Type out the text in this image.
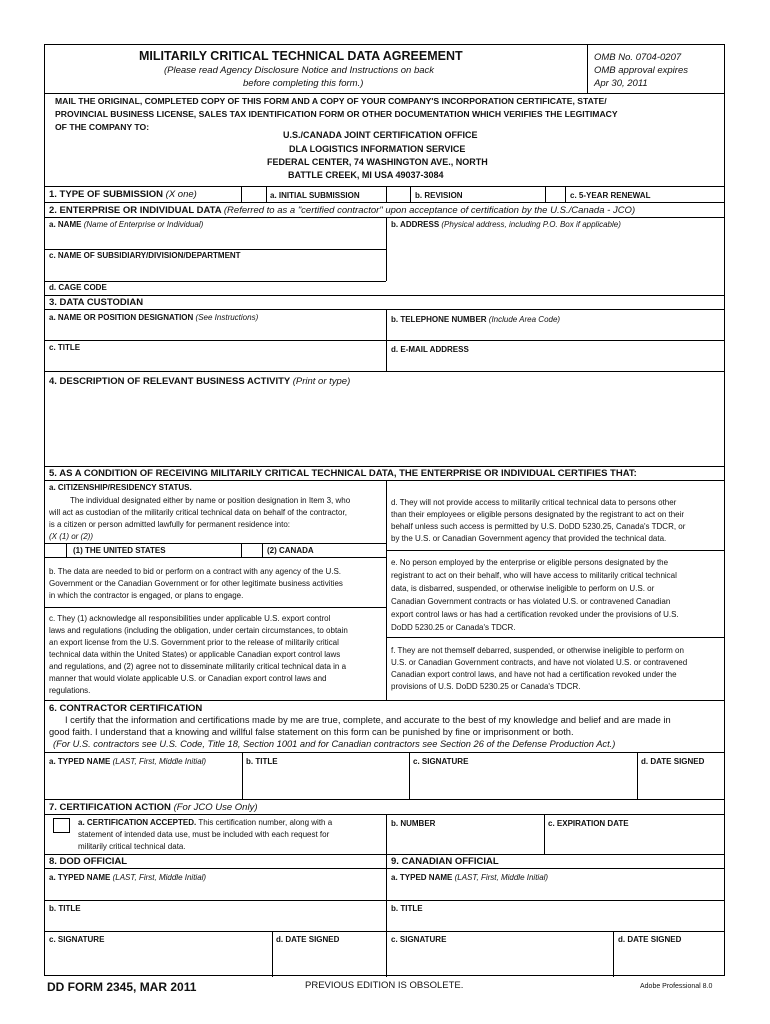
MILITARILY CRITICAL TECHNICAL DATA AGREEMENT
(Please read Agency Disclosure Notice and Instructions on back
before completing this form.)
OMB No. 0704-0207
OMB approval expires
Apr 30, 2011
MAIL THE ORIGINAL, COMPLETED COPY OF THIS FORM AND A COPY OF YOUR COMPANY'S INCORPORATION CERTIFICATE, STATE/
PROVINCIAL BUSINESS LICENSE, SALES TAX IDENTIFICATION FORM OR OTHER DOCUMENTATION WHICH VERIFIES THE LEGITIMACY
OF THE COMPANY TO:
U.S./CANADA JOINT CERTIFICATION OFFICE
DLA LOGISTICS INFORMATION SERVICE
FEDERAL CENTER, 74 WASHINGTON AVE., NORTH
BATTLE CREEK, MI USA 49037-3084
1. TYPE OF SUBMISSION (X one)	a. INITIAL SUBMISSION	b. REVISION	c. 5-YEAR RENEWAL
2. ENTERPRISE OR INDIVIDUAL DATA (Referred to as a "certified contractor" upon acceptance of certification by the U.S./Canada - JCO)
a. NAME (Name of Enterprise or Individual)	b. ADDRESS (Physical address, including P.O. Box if applicable)
c. NAME OF SUBSIDIARY/DIVISION/DEPARTMENT
d. CAGE CODE
3. DATA CUSTODIAN
a. NAME OR POSITION DESIGNATION (See Instructions)	b. TELEPHONE NUMBER (Include Area Code)
c. TITLE	d. E-MAIL ADDRESS
4. DESCRIPTION OF RELEVANT BUSINESS ACTIVITY (Print or type)
5. AS A CONDITION OF RECEIVING MILITARILY CRITICAL TECHNICAL DATA, THE ENTERPRISE OR INDIVIDUAL CERTIFIES THAT:
a. CITIZENSHIP/RESIDENCY STATUS.
The individual designated either by name or position designation in Item 3, who
will act as custodian of the militarily critical technical data on behalf of the contractor,
is a citizen or person admitted lawfully for permanent residence into:
(X (1) or (2))
(1) THE UNITED STATES	(2) CANADA
b. The data are needed to bid or perform on a contract with any agency of the U.S.
Government or the Canadian Government or for other legitimate business activities
in which the contractor is engaged, or plans to engage.
c. They (1) acknowledge all responsibilities under applicable U.S. export control
laws and regulations (including the obligation, under certain circumstances, to obtain
an export license from the U.S. Government prior to the release of militarily critical
technical data within the United States) or applicable Canadian export control laws
and regulations, and (2) agree not to disseminate militarily critical technical data in a
manner that would violate applicable U.S. or Canadian export control laws and
regulations.
d. They will not provide access to militarily critical technical data to persons other
than their employees or eligible persons designated by the registrant to act on their
behalf unless such access is permitted by U.S. DoDD 5230.25, Canada's TDCR, or
by the U.S. or Canadian Government agency that provided the technical data.
e. No person employed by the enterprise or eligible persons designated by the
registrant to act on their behalf, who will have access to militarily critical technical
data, is disbarred, suspended, or otherwise ineligible to perform on U.S. or
Canadian Government contracts or has violated U.S. or contravened Canadian
export control laws or has had a certification revoked under the provisions of U.S.
DoDD 5230.25 or Canada's TDCR.
f. They are not themself debarred, suspended, or otherwise ineligible to perform on
U.S. or Canadian Government contracts, and have not violated U.S. or contravened
Canadian export control laws, and have not had a certification revoked under the
provisions of U.S. DoDD 5230.25 or Canada's TDCR.
6. CONTRACTOR CERTIFICATION
I certify that the information and certifications made by me are true, complete, and accurate to the best of my knowledge and belief and are made in
good faith. I understand that a knowing and willful false statement on this form can be punished by fine or imprisonment or both.
(For U.S. contractors see U.S. Code, Title 18, Section 1001 and for Canadian contractors see Section 26 of the Defense Production Act.)
a. TYPED NAME (LAST, First, Middle Initial)	b. TITLE	c. SIGNATURE	d. DATE SIGNED
7. CERTIFICATION ACTION (For JCO Use Only)
a. CERTIFICATION ACCEPTED. This certification number, along with a
statement of intended data use, must be included with each request for
militarily critical technical data.
b. NUMBER	c. EXPIRATION DATE
8. DOD OFFICIAL	9. CANADIAN OFFICIAL
a. TYPED NAME (LAST, First, Middle Initial)	a. TYPED NAME (LAST, First, Middle Initial)
b. TITLE	b. TITLE
c. SIGNATURE	d. DATE SIGNED	c. SIGNATURE	d. DATE SIGNED
DD FORM 2345, MAR 2011	PREVIOUS EDITION IS OBSOLETE.	Adobe Professional 8.0
